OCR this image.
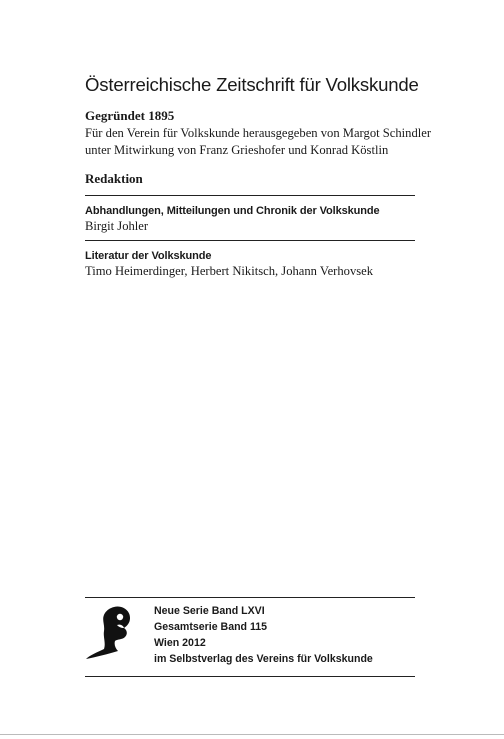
Österreichische Zeitschrift für Volkskunde
Gegründet 1895
Für den Verein für Volkskunde herausgegeben von Margot Schindler
unter Mitwirkung von Franz Grieshofer und Konrad Köstlin
Redaktion
Abhandlungen, Mitteilungen und Chronik der Volkskunde
Birgit Johler
Literatur der Volkskunde
Timo Heimerdinger, Herbert Nikitsch, Johann Verhovsek
Neue Serie Band LXVI
Gesamtserie Band 115
Wien 2012
im Selbstverlag des Vereins für Volkskunde
